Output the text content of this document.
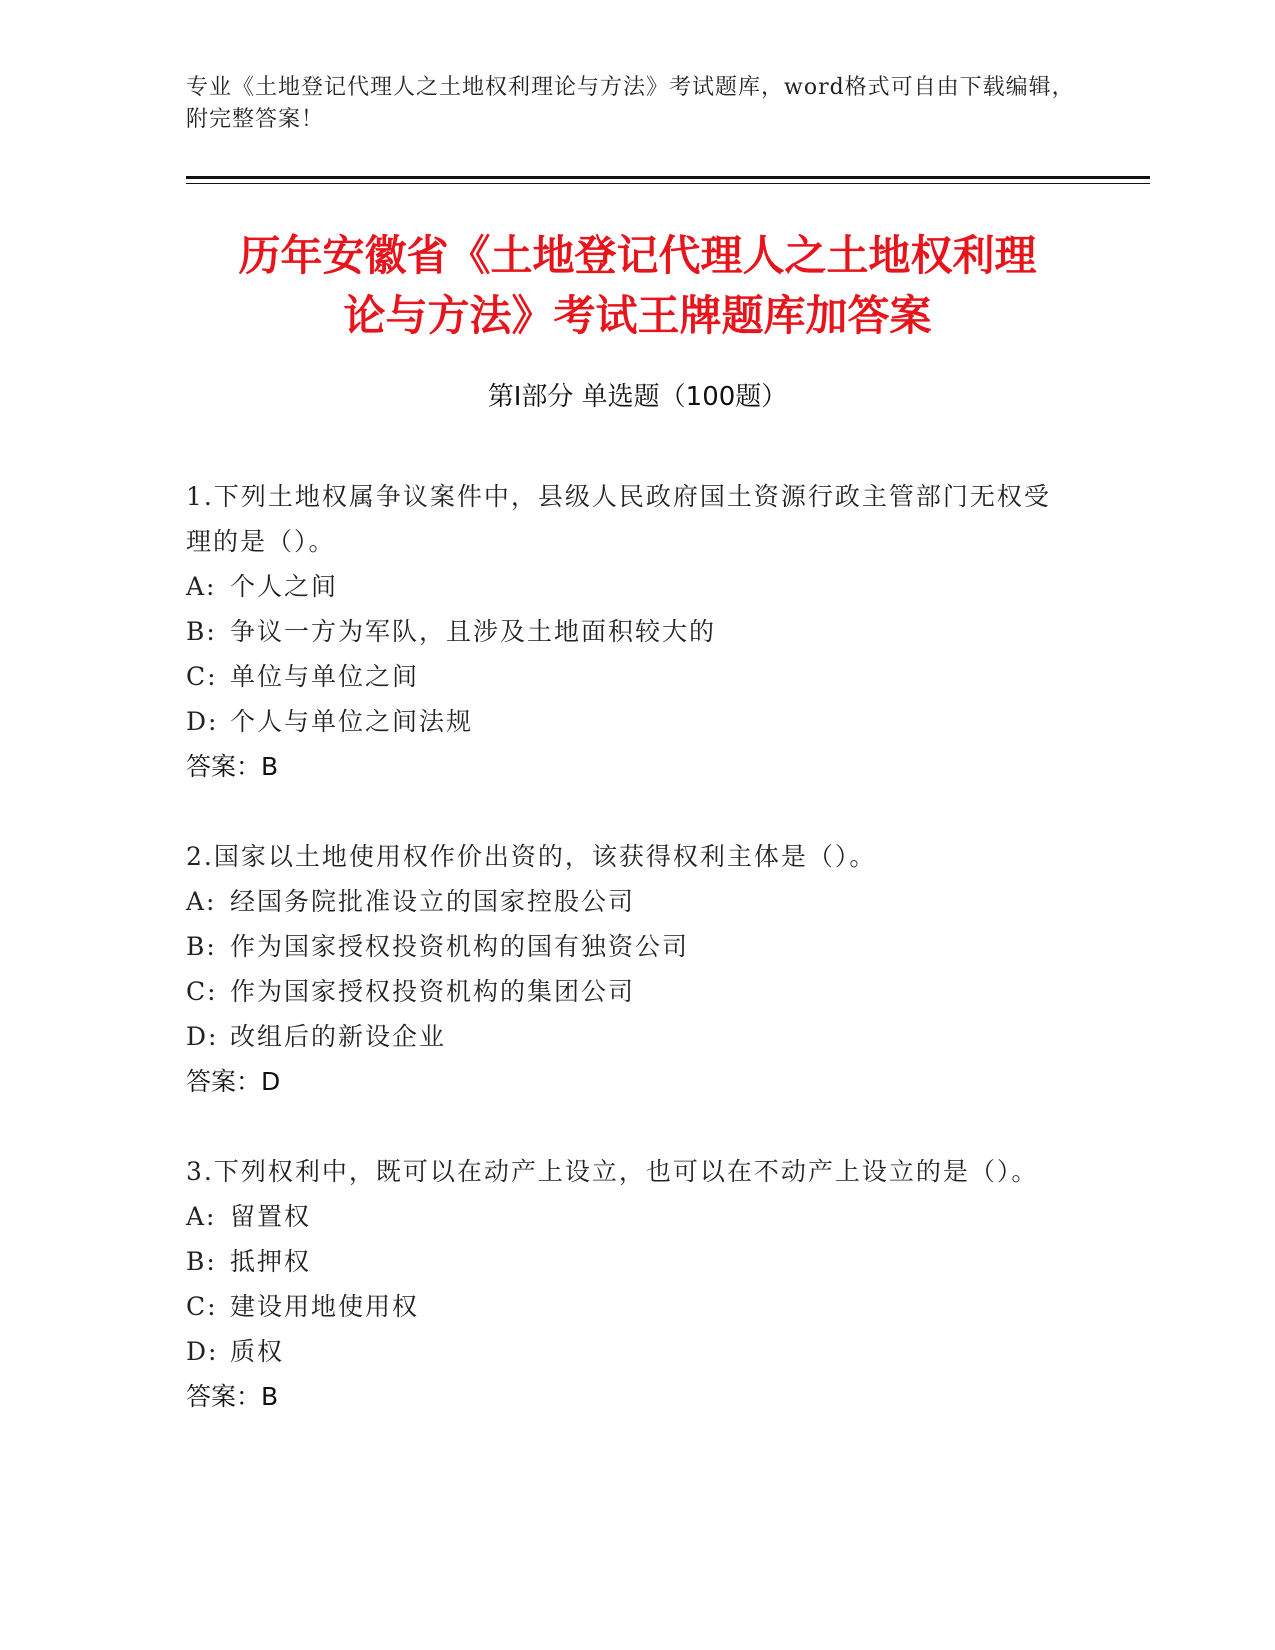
专业《土地登记代理人之土地权利理论与方法》考试题库，word格式可自由下载编辑，附完整答案！
历年安徽省《土地登记代理人之土地权利理
论与方法》考试王牌题库加答案
第Ⅰ部分 单选题（100题）
1.下列土地权属争议案件中，县级人民政府国土资源行政主管部门无权受理的是（）。
A: 个人之间
B: 争议一方为军队，且涉及土地面积较大的
C: 单位与单位之间
D: 个人与单位之间法规
答案：B
2.国家以土地使用权作价出资的，该获得权利主体是（）。
A: 经国务院批准设立的国家控股公司
B: 作为国家授权投资机构的国有独资公司
C: 作为国家授权投资机构的集团公司
D: 改组后的新设企业
答案：D
3.下列权利中，既可以在动产上设立，也可以在不动产上设立的是（）。
A: 留置权
B: 抵押权
C: 建设用地使用权
D: 质权
答案：B
